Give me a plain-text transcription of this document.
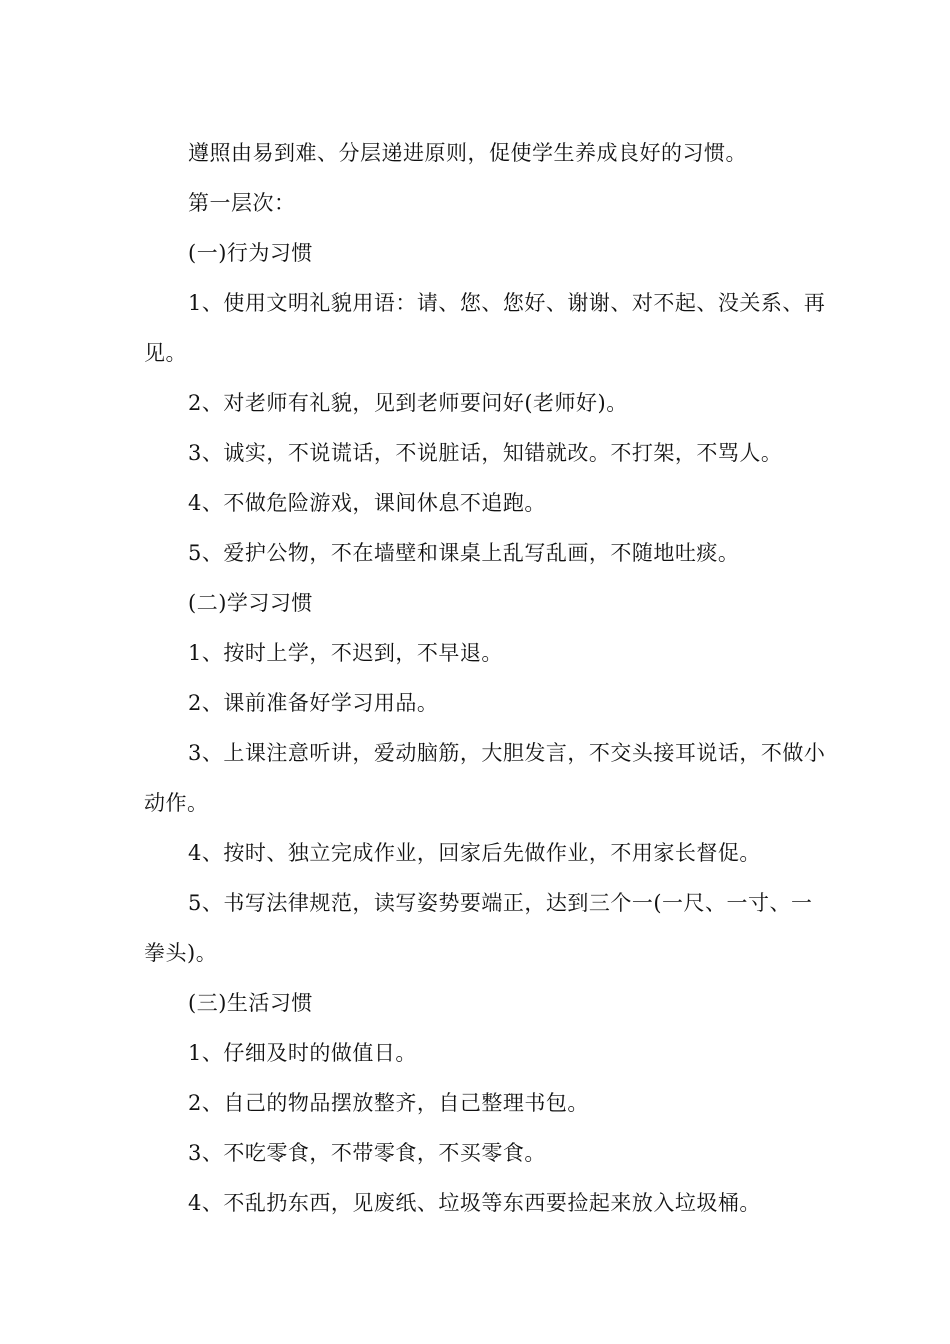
遵照由易到难、分层递进原则，促使学生养成良好的习惯。

第一层次：

(一)行为习惯

1、使用文明礼貌用语：请、您、您好、谢谢、对不起、没关系、再见。

2、对老师有礼貌，见到老师要问好(老师好)。

3、诚实，不说谎话，不说脏话，知错就改。不打架，不骂人。

4、不做危险游戏，课间休息不追跑。

5、爱护公物，不在墙壁和课桌上乱写乱画，不随地吐痰。

(二)学习习惯

1、按时上学，不迟到，不早退。

2、课前准备好学习用品。

3、上课注意听讲，爱动脑筋，大胆发言，不交头接耳说话，不做小动作。

4、按时、独立完成作业，回家后先做作业，不用家长督促。

5、书写法律规范，读写姿势要端正，达到三个一(一尺、一寸、一拳头)。

(三)生活习惯

1、仔细及时的做值日。

2、自己的物品摆放整齐，自己整理书包。

3、不吃零食，不带零食，不买零食。

4、不乱扔东西，见废纸、垃圾等东西要捡起来放入垃圾桶。
